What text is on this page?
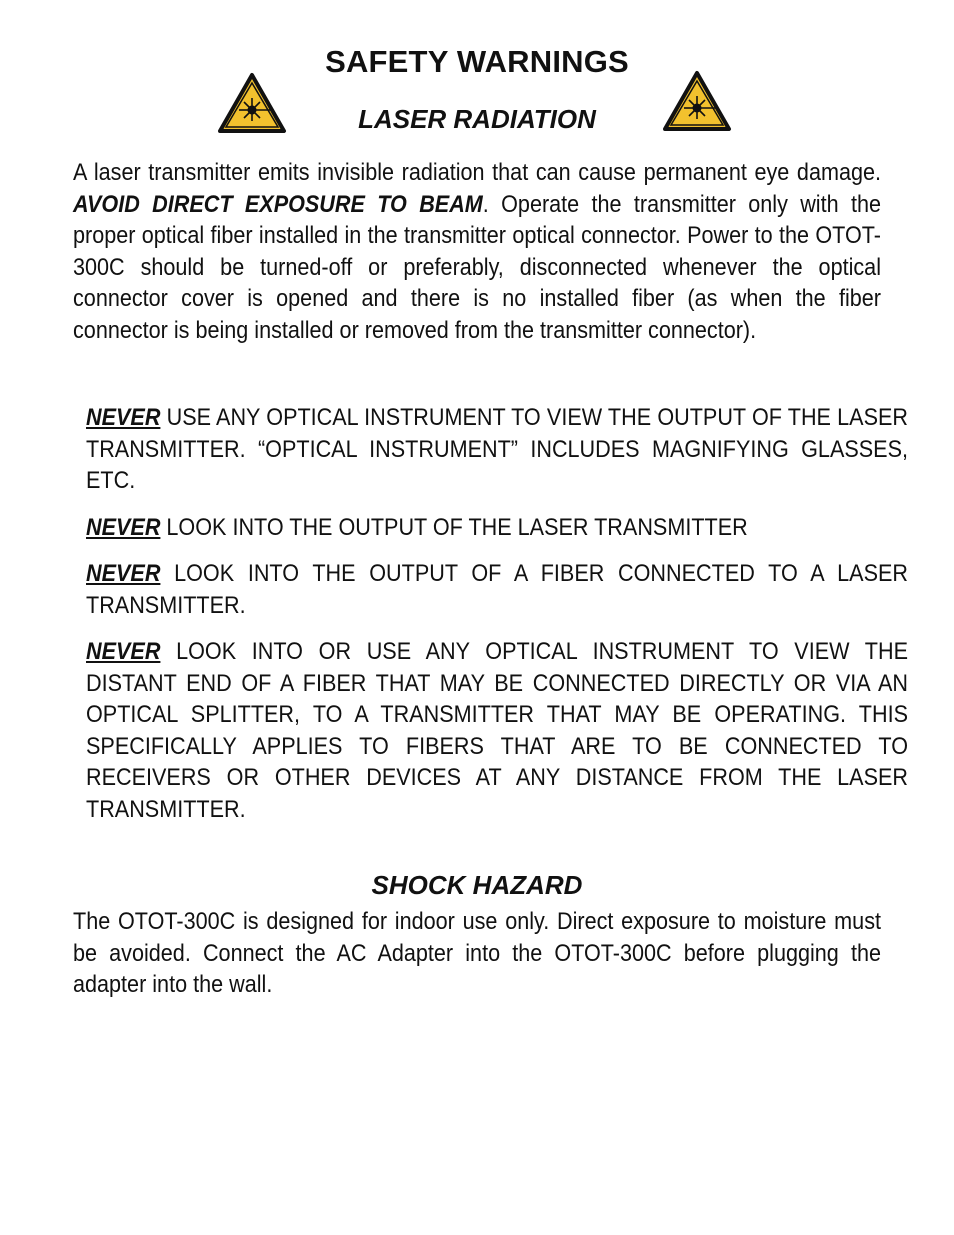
SAFETY WARNINGS
LASER RADIATION

A laser transmitter emits invisible radiation that can cause permanent eye damage. AVOID DIRECT EXPOSURE TO BEAM. Operate the transmitter only with the proper optical fiber installed in the transmitter optical connector. Power to the OTOT-300C should be turned-off or preferably, disconnected whenever the optical connector cover is opened and there is no installed fiber (as when the fiber connector is being installed or removed from the transmitter connector).

NEVER USE ANY OPTICAL INSTRUMENT TO VIEW THE OUTPUT OF THE LASER TRANSMITTER. “OPTICAL INSTRUMENT” INCLUDES MAGNIFYING GLASSES, ETC.

NEVER LOOK INTO THE OUTPUT OF THE LASER TRANSMITTER

NEVER LOOK INTO THE OUTPUT OF A FIBER CONNECTED TO A LASER TRANSMITTER.

NEVER LOOK INTO OR USE ANY OPTICAL INSTRUMENT TO VIEW THE DISTANT END OF A FIBER THAT MAY BE CONNECTED DIRECTLY OR VIA AN OPTICAL SPLITTER, TO A TRANSMITTER THAT MAY BE OPERATING. THIS SPECIFICALLY APPLIES TO FIBERS THAT ARE TO BE CONNECTED TO RECEIVERS OR OTHER DEVICES AT ANY DISTANCE FROM THE LASER TRANSMITTER.

SHOCK HAZARD

The OTOT-300C is designed for indoor use only. Direct exposure to moisture must be avoided. Connect the AC Adapter into the OTOT-300C before plugging the adapter into the wall.
